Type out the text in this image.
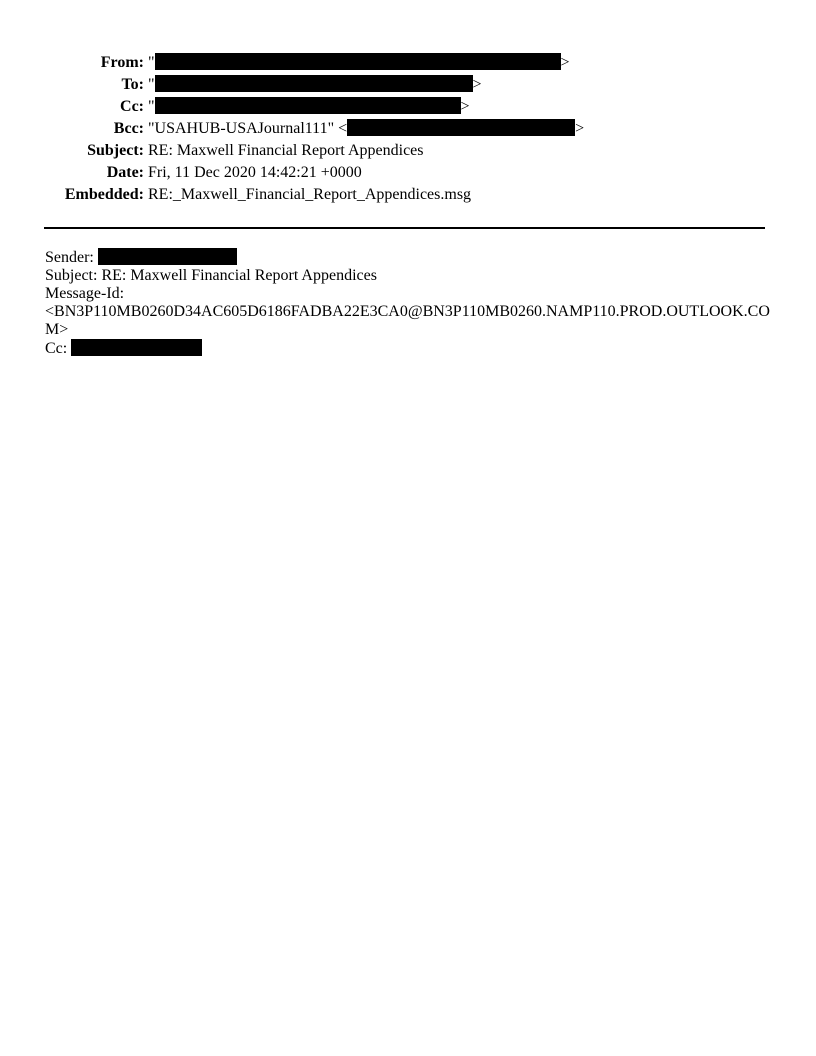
From: "	>
To: "	>
Cc: "	>
Bcc: "USAHUB-USAJournal111" <	>
Subject: RE: Maxwell Financial Report Appendices
Date: Fri, 11 Dec 2020 14:42:21 +0000
Embedded: RE:_Maxwell_Financial_Report_Appendices.msg
Sender:
Subject: RE: Maxwell Financial Report Appendices
Message-Id:
<BN3P110MB0260D34AC605D6186FADBA22E3CA0@BN3P110MB0260.NAMP110.PROD.OUTLOOK.COM>
Cc:
